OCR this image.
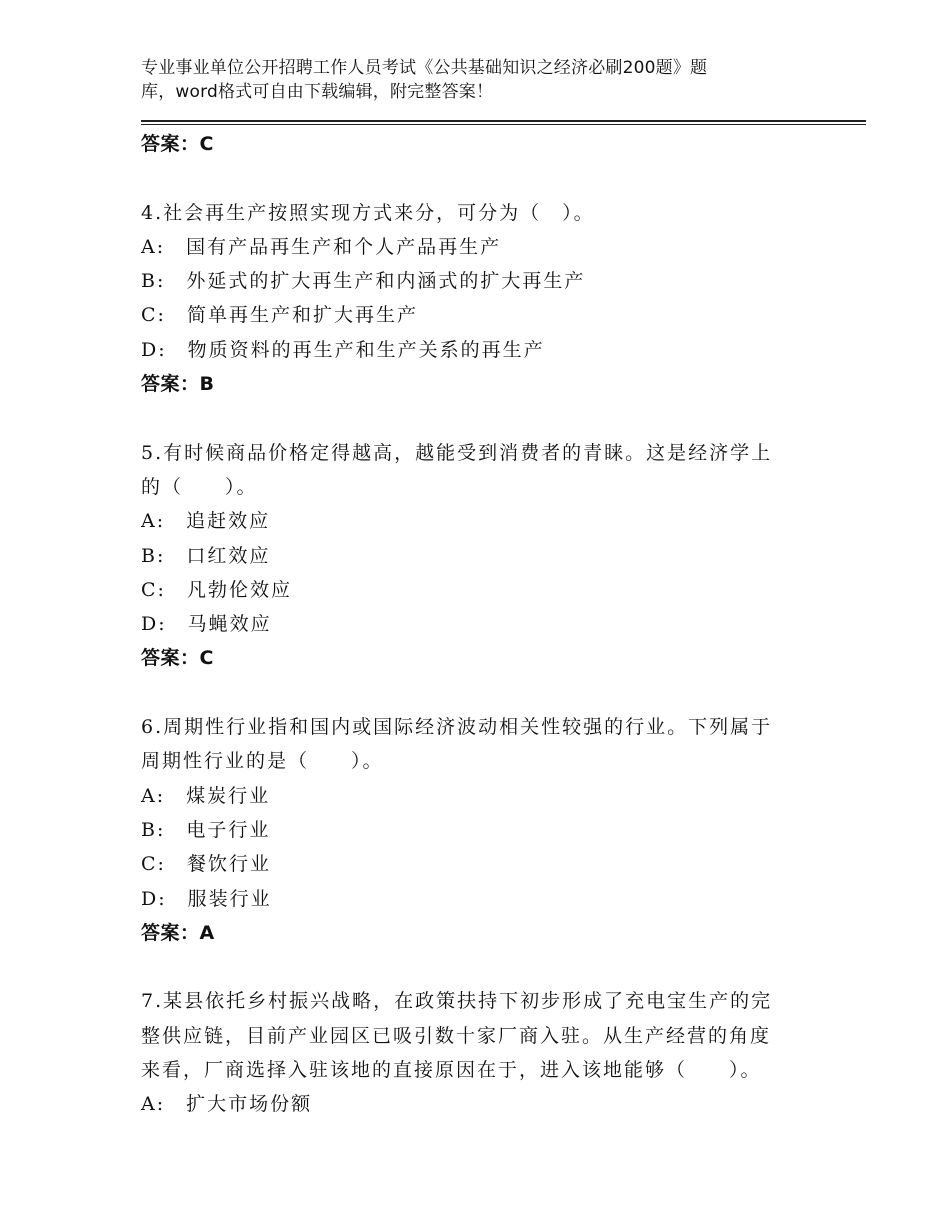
专业事业单位公开招聘工作人员考试《公共基础知识之经济必刷200题》题
库，word格式可自由下载编辑，附完整答案！
答案：C
4.社会再生产按照实现方式来分，可分为（　）。
A:　国有产品再生产和个人产品再生产
B:　外延式的扩大再生产和内涵式的扩大再生产
C:　简单再生产和扩大再生产
D:　物质资料的再生产和生产关系的再生产
答案：B
5.有时候商品价格定得越高，越能受到消费者的青睐。这是经济学上
的（　　）。
A:　追赶效应
B:　口红效应
C:　凡勃伦效应
D:　马蝇效应
答案：C
6.周期性行业指和国内或国际经济波动相关性较强的行业。下列属于
周期性行业的是（　　）。
A:　煤炭行业
B:　电子行业
C:　餐饮行业
D:　服装行业
答案：A
7.某县依托乡村振兴战略，在政策扶持下初步形成了充电宝生产的完
整供应链，目前产业园区已吸引数十家厂商入驻。从生产经营的角度
来看，厂商选择入驻该地的直接原因在于，进入该地能够（　　）。
A:　扩大市场份额
